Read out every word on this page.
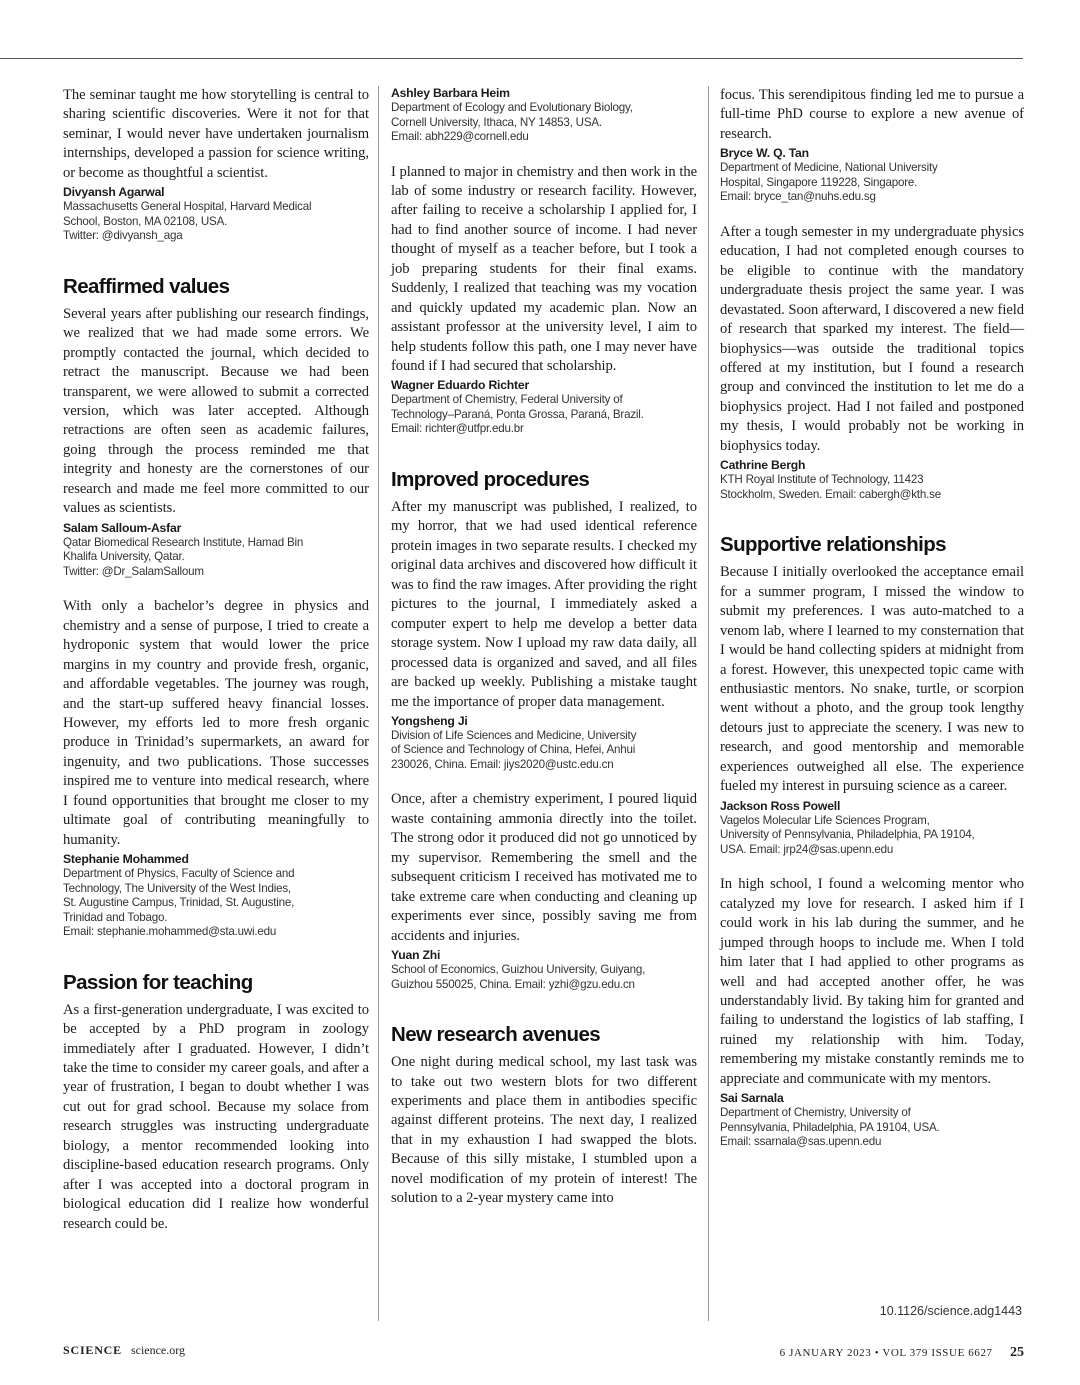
The seminar taught me how storytelling is central to sharing scientific discoveries. Were it not for that seminar, I would never have undertaken journalism internships, developed a passion for science writing, or become as thoughtful a scientist.

Divyansh Agarwal
Massachusetts General Hospital, Harvard Medical
School, Boston, MA 02108, USA.
Twitter: @divyansh_aga
Reaffirmed values

Several years after publishing our research findings, we realized that we had made some errors. We promptly contacted the journal, which decided to retract the manuscript. Because we had been transparent, we were allowed to submit a corrected version, which was later accepted. Although retractions are often seen as academic failures, going through the process reminded me that integrity and honesty are the cornerstones of our research and made me feel more committed to our values as scientists.

Salam Salloum-Asfar
Qatar Biomedical Research Institute, Hamad Bin
Khalifa University, Qatar.
Twitter: @Dr_SalamSalloum

With only a bachelor’s degree in physics and chemistry and a sense of purpose, I tried to create a hydroponic system that would lower the price margins in my country and provide fresh, organic, and affordable vegetables. The journey was rough, and the start-up suffered heavy financial losses. However, my efforts led to more fresh organic produce in Trinidad’s supermarkets, an award for ingenuity, and two publications. Those successes inspired me to venture into medical research, where I found opportunities that brought me closer to my ultimate goal of contributing meaningfully to humanity.

Stephanie Mohammed
Department of Physics, Faculty of Science and
Technology, The University of the West Indies,
St. Augustine Campus, Trinidad, St. Augustine,
Trinidad and Tobago.
Email: stephanie.mohammed@sta.uwi.edu
Passion for teaching

As a first-generation undergraduate, I was excited to be accepted by a PhD program in zoology immediately after I graduated. However, I didn’t take the time to consider my career goals, and after a year of frustration, I began to doubt whether I was cut out for grad school. Because my solace from research struggles was instructing undergraduate biology, a mentor recommended looking into discipline-based education research programs. Only after I was accepted into a doctoral program in biological education did I realize how wonderful research could be.

Ashley Barbara Heim
Department of Ecology and Evolutionary Biology,
Cornell University, Ithaca, NY 14853, USA.
Email: abh229@cornell.edu

I planned to major in chemistry and then work in the lab of some industry or research facility. However, after failing to receive a scholarship I applied for, I had to find another source of income. I had never thought of myself as a teacher before, but I took a job preparing students for their final exams. Suddenly, I realized that teaching was my vocation and quickly updated my academic plan. Now an assistant professor at the university level, I aim to help students follow this path, one I may never have found if I had secured that scholarship.

Wagner Eduardo Richter
Department of Chemistry, Federal University of
Technology–Paraná, Ponta Grossa, Paraná, Brazil.
Email: richter@utfpr.edu.br
Improved procedures

After my manuscript was published, I realized, to my horror, that we had used identical reference protein images in two separate results. I checked my original data archives and discovered how difficult it was to find the raw images. After providing the right pictures to the journal, I immediately asked a computer expert to help me develop a better data storage system. Now I upload my raw data daily, all processed data is organized and saved, and all files are backed up weekly. Publishing a mistake taught me the importance of proper data management.

Yongsheng Ji
Division of Life Sciences and Medicine, University
of Science and Technology of China, Hefei, Anhui
230026, China. Email: jiys2020@ustc.edu.cn

Once, after a chemistry experiment, I poured liquid waste containing ammonia directly into the toilet. The strong odor it produced did not go unnoticed by my supervisor. Remembering the smell and the subsequent criticism I received has motivated me to take extreme care when conducting and cleaning up experiments ever since, possibly saving me from accidents and injuries.

Yuan Zhi
School of Economics, Guizhou University, Guiyang,
Guizhou 550025, China. Email: yzhi@gzu.edu.cn
New research avenues

One night during medical school, my last task was to take out two western blots for two different experiments and place them in antibodies specific against different proteins. The next day, I realized that in my exhaustion I had swapped the blots. Because of this silly mistake, I stumbled upon a novel modification of my protein of interest! The solution to a 2-year mystery came into

focus. This serendipitous finding led me to pursue a full-time PhD course to explore a new avenue of research.

Bryce W. Q. Tan
Department of Medicine, National University
Hospital, Singapore 119228, Singapore.
Email: bryce_tan@nuhs.edu.sg

After a tough semester in my undergraduate physics education, I had not completed enough courses to be eligible to continue with the mandatory undergraduate thesis project the same year. I was devastated. Soon afterward, I discovered a new field of research that sparked my interest. The field—biophysics—was outside the traditional topics offered at my institution, but I found a research group and convinced the institution to let me do a biophysics project. Had I not failed and postponed my thesis, I would probably not be working in biophysics today.

Cathrine Bergh
KTH Royal Institute of Technology, 11423
Stockholm, Sweden. Email: cabergh@kth.se
Supportive relationships

Because I initially overlooked the acceptance email for a summer program, I missed the window to submit my preferences. I was auto-matched to a venom lab, where I learned to my consternation that I would be hand collecting spiders at midnight from a forest. However, this unexpected topic came with enthusiastic mentors. No snake, turtle, or scorpion went without a photo, and the group took lengthy detours just to appreciate the scenery. I was new to research, and good mentorship and memorable experiences outweighed all else. The experience fueled my interest in pursuing science as a career.

Jackson Ross Powell
Vagelos Molecular Life Sciences Program,
University of Pennsylvania, Philadelphia, PA 19104,
USA. Email: jrp24@sas.upenn.edu

In high school, I found a welcoming mentor who catalyzed my love for research. I asked him if I could work in his lab during the summer, and he jumped through hoops to include me. When I told him later that I had applied to other programs as well and had accepted another offer, he was understandably livid. By taking him for granted and failing to understand the logistics of lab staffing, I ruined my relationship with him. Today, remembering my mistake constantly reminds me to appreciate and communicate with my mentors.

Sai Sarnala
Department of Chemistry, University of
Pennsylvania, Philadelphia, PA 19104, USA.
Email: ssarnala@sas.upenn.edu
10.1126/science.adg1443
SCIENCE science.org	6 JANUARY 2023 • VOL 379 ISSUE 6627 25
